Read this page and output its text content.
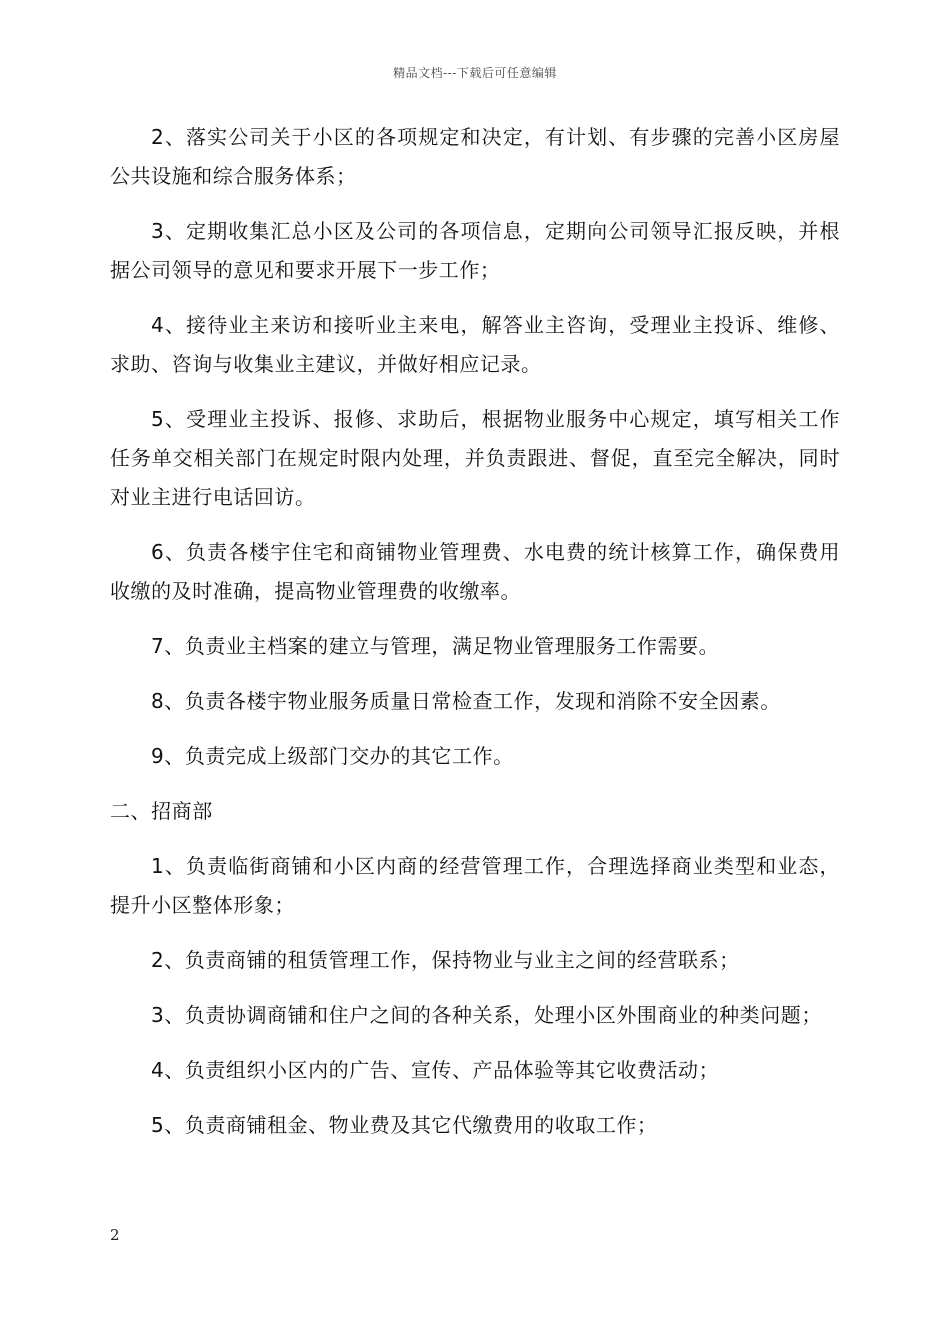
精品文档---下载后可任意编辑

2、落实公司关于小区的各项规定和决定，有计划、有步骤的完善小区房屋公共设施和综合服务体系；

3、定期收集汇总小区及公司的各项信息，定期向公司领导汇报反映，并根据公司领导的意见和要求开展下一步工作；

4、接待业主来访和接听业主来电，解答业主咨询，受理业主投诉、维修、求助、咨询与收集业主建议，并做好相应记录。

5、受理业主投诉、报修、求助后，根据物业服务中心规定，填写相关工作任务单交相关部门在规定时限内处理，并负责跟进、督促，直至完全解决，同时对业主进行电话回访。

6、负责各楼宇住宅和商铺物业管理费、水电费的统计核算工作，确保费用收缴的及时准确，提高物业管理费的收缴率。

7、负责业主档案的建立与管理，满足物业管理服务工作需要。

8、负责各楼宇物业服务质量日常检查工作，发现和消除不安全因素。

9、负责完成上级部门交办的其它工作。

二、招商部

1、负责临街商铺和小区内商的经营管理工作，合理选择商业类型和业态，提升小区整体形象；

2、负责商铺的租赁管理工作，保持物业与业主之间的经营联系；

3、负责协调商铺和住户之间的各种关系，处理小区外围商业的种类问题；

4、负责组织小区内的广告、宣传、产品体验等其它收费活动；

5、负责商铺租金、物业费及其它代缴费用的收取工作；

2
